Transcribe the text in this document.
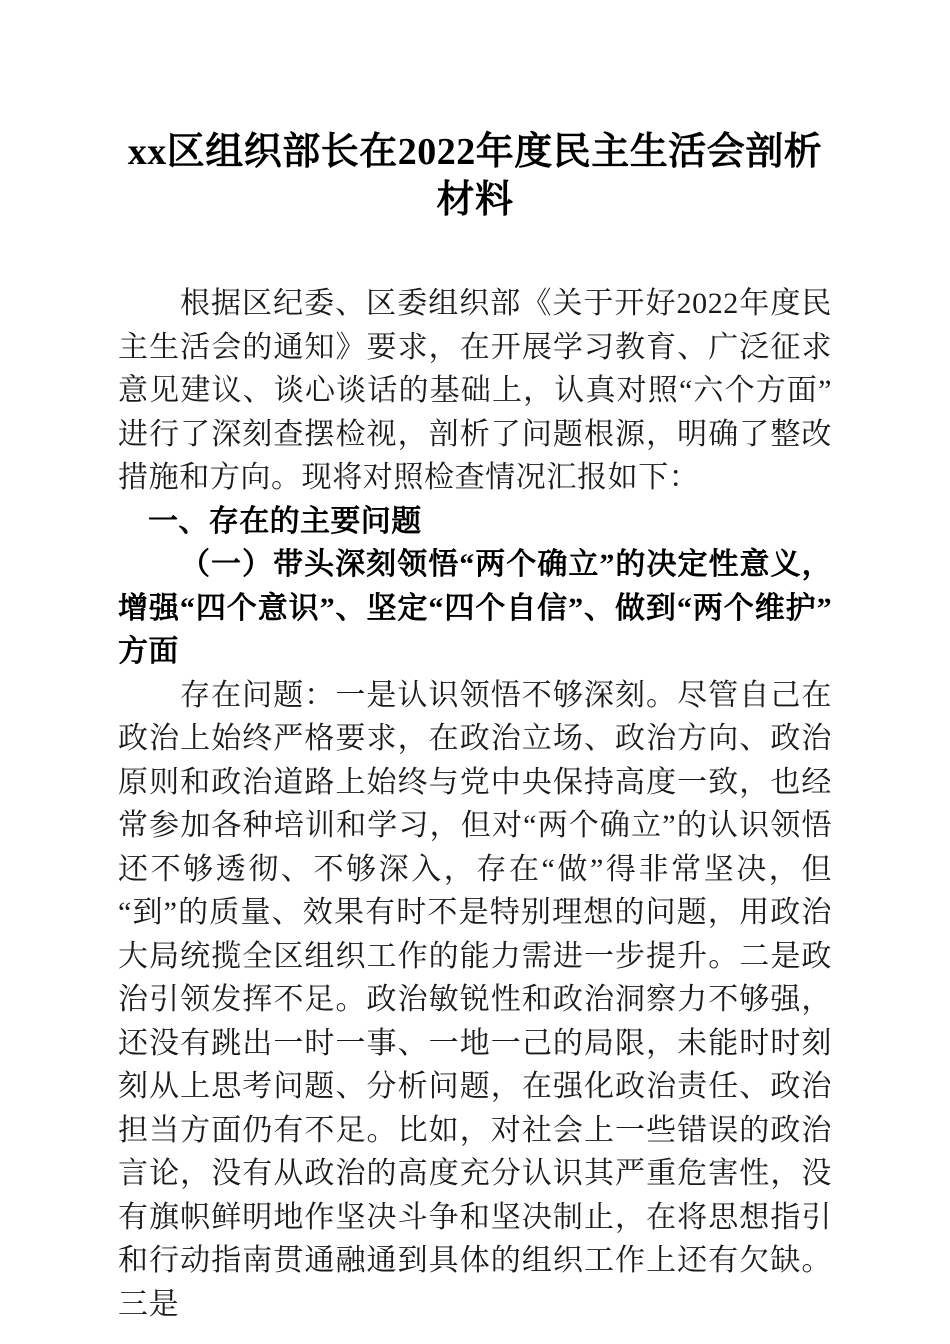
xx区组织部长在2022年度民主生活会剖析材料

根据区纪委、区委组织部《关于开好2022年度民主生活会的通知》要求，在开展学习教育、广泛征求意见建议、谈心谈话的基础上，认真对照“六个方面”进行了深刻查摆检视，剖析了问题根源，明确了整改措施和方向。现将对照检查情况汇报如下：

一、存在的主要问题

（一）带头深刻领悟“两个确立”的决定性意义，增强“四个意识”、坚定“四个自信”、做到“两个维护”方面

存在问题：一是认识领悟不够深刻。尽管自己在政治上始终严格要求，在政治立场、政治方向、政治原则和政治道路上始终与党中央保持高度一致，也经常参加各种培训和学习，但对“两个确立”的认识领悟还不够透彻、不够深入，存在“做”得非常坚决，但“到”的质量、效果有时不是特别理想的问题，用政治大局统揽全区组织工作的能力需进一步提升。二是政治引领发挥不足。政治敏锐性和政治洞察力不够强，还没有跳出一时一事、一地一己的局限，未能时时刻刻从上思考问题、分析问题，在强化政治责任、政治担当方面仍有不足。比如，对社会上一些错误的政治言论，没有从政治的高度充分认识其严重危害性，没有旗帜鲜明地作坚决斗争和坚决制止，在将思想指引和行动指南贯通融通到具体的组织工作上还有欠缺。三是
